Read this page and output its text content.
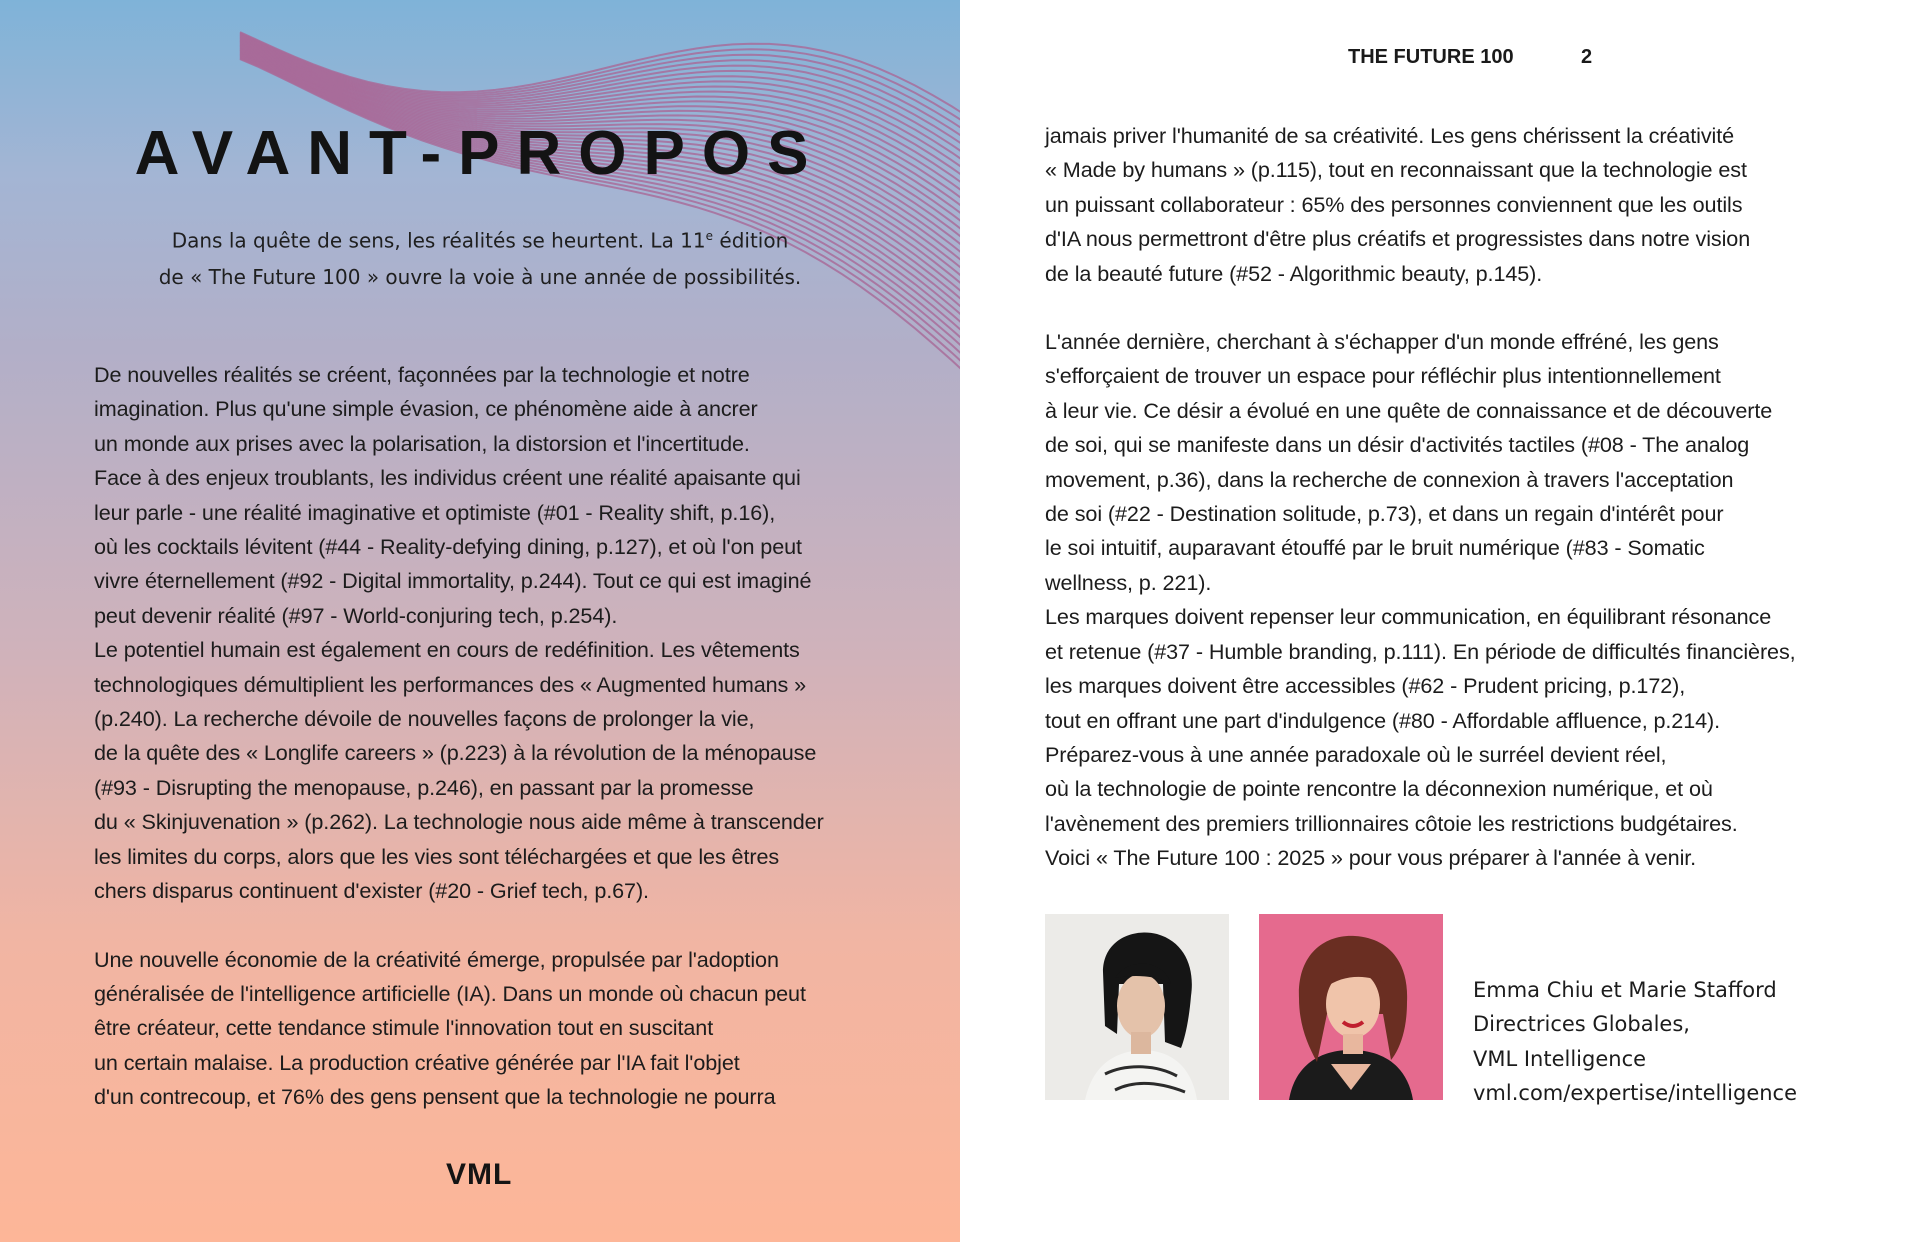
AVANT-PROPOS

Dans la quête de sens, les réalités se heurtent. La 11e édition
de « The Future 100 » ouvre la voie à une année de possibilités.

De nouvelles réalités se créent, façonnées par la technologie et notre
imagination. Plus qu'une simple évasion, ce phénomène aide à ancrer
un monde aux prises avec la polarisation, la distorsion et l'incertitude.
Face à des enjeux troublants, les individus créent une réalité apaisante qui
leur parle - une réalité imaginative et optimiste (#01 - Reality shift, p.16),
où les cocktails lévitent (#44 - Reality-defying dining, p.127), et où l'on peut
vivre éternellement (#92 - Digital immortality, p.244). Tout ce qui est imaginé
peut devenir réalité (#97 - World-conjuring tech, p.254).
Le potentiel humain est également en cours de redéfinition. Les vêtements
technologiques démultiplient les performances des « Augmented humans »
(p.240). La recherche dévoile de nouvelles façons de prolonger la vie,
de la quête des « Longlife careers » (p.223) à la révolution de la ménopause
(#93 - Disrupting the menopause, p.246), en passant par la promesse
du « Skinjuvenation » (p.262). La technologie nous aide même à transcender
les limites du corps, alors que les vies sont téléchargées et que les êtres
chers disparus continuent d'exister (#20 - Grief tech, p.67).

Une nouvelle économie de la créativité émerge, propulsée par l'adoption
généralisée de l'intelligence artificielle (IA). Dans un monde où chacun peut
être créateur, cette tendance stimule l'innovation tout en suscitant
un certain malaise. La production créative générée par l'IA fait l'objet
d'un contrecoup, et 76% des gens pensent que la technologie ne pourra

VML
THE FUTURE 100	2

jamais priver l'humanité de sa créativité. Les gens chérissent la créativité
« Made by humans » (p.115), tout en reconnaissant que la technologie est
un puissant collaborateur : 65% des personnes conviennent que les outils
d'IA nous permettront d'être plus créatifs et progressistes dans notre vision
de la beauté future (#52 - Algorithmic beauty, p.145).

L'année dernière, cherchant à s'échapper d'un monde effréné, les gens
s'efforçaient de trouver un espace pour réfléchir plus intentionnellement
à leur vie. Ce désir a évolué en une quête de connaissance et de découverte
de soi, qui se manifeste dans un désir d'activités tactiles (#08 - The analog
movement, p.36), dans la recherche de connexion à travers l'acceptation
de soi (#22 - Destination solitude, p.73), et dans un regain d'intérêt pour
le soi intuitif, auparavant étouffé par le bruit numérique (#83 - Somatic
wellness, p. 221).
Les marques doivent repenser leur communication, en équilibrant résonance
et retenue (#37 - Humble branding, p.111). En période de difficultés financières,
les marques doivent être accessibles (#62 - Prudent pricing, p.172),
tout en offrant une part d'indulgence (#80 - Affordable affluence, p.214).
Préparez-vous à une année paradoxale où le surréel devient réel,
où la technologie de pointe rencontre la déconnexion numérique, et où
l'avènement des premiers trillionnaires côtoie les restrictions budgétaires.
Voici « The Future 100 : 2025 » pour vous préparer à l'année à venir.

Emma Chiu et Marie Stafford
Directrices Globales,
VML Intelligence
vml.com/expertise/intelligence
